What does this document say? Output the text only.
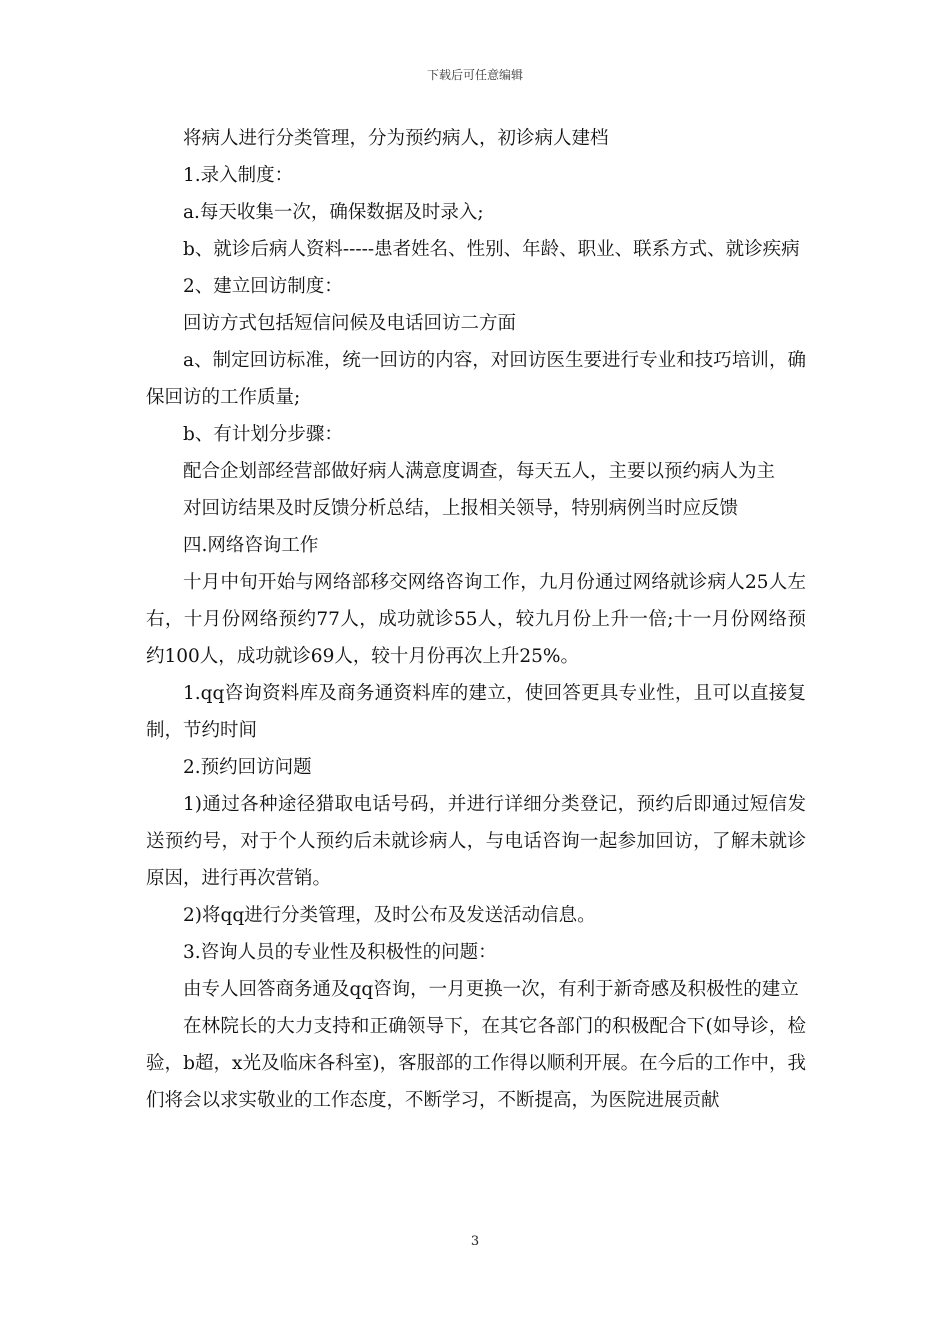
下载后可任意编辑

将病人进行分类管理，分为预约病人，初诊病人建档

1.录入制度：

a.每天收集一次，确保数据及时录入;

b、就诊后病人资料-----患者姓名、性别、年龄、职业、联系方式、就诊疾病

2、建立回访制度：

回访方式包括短信问候及电话回访二方面

a、制定回访标准，统一回访的内容，对回访医生要进行专业和技巧培训，确保回访的工作质量;

b、有计划分步骤：

配合企划部经营部做好病人满意度调查，每天五人，主要以预约病人为主

对回访结果及时反馈分析总结，上报相关领导，特别病例当时应反馈

四.网络咨询工作

十月中旬开始与网络部移交网络咨询工作，九月份通过网络就诊病人25人左右，十月份网络预约77人，成功就诊55人，较九月份上升一倍;十一月份网络预约100人，成功就诊69人，较十月份再次上升25%。

1.qq咨询资料库及商务通资料库的建立，使回答更具专业性，且可以直接复制，节约时间

2.预约回访问题

1)通过各种途径猎取电话号码，并进行详细分类登记，预约后即通过短信发送预约号，对于个人预约后未就诊病人，与电话咨询一起参加回访，了解未就诊原因，进行再次营销。

2)将qq进行分类管理，及时公布及发送活动信息。

3.咨询人员的专业性及积极性的问题：

由专人回答商务通及qq咨询，一月更换一次，有利于新奇感及积极性的建立

在林院长的大力支持和正确领导下，在其它各部门的积极配合下(如导诊，检验，b超，x光及临床各科室)，客服部的工作得以顺利开展。在今后的工作中，我们将会以求实敬业的工作态度，不断学习，不断提高，为医院进展贡献

3
